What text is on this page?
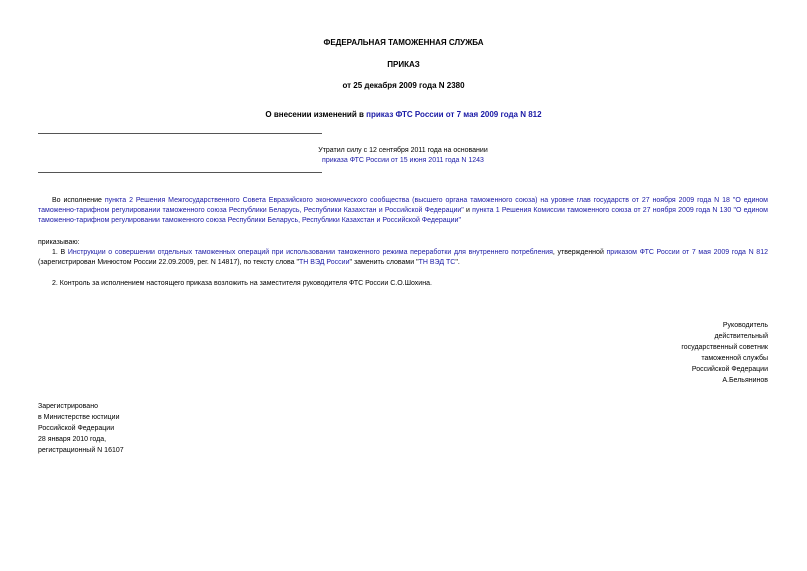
ФЕДЕРАЛЬНАЯ ТАМОЖЕННАЯ СЛУЖБА
ПРИКАЗ
от 25 декабря 2009 года N 2380
О внесении изменений в приказ ФТС России от 7 мая 2009 года N 812
Утратил силу с 12 сентября 2011 года на основании
приказа ФТС России от 15 июня 2011 года N 1243
Во исполнение пункта 2 Решения Межгосударственного Совета Евразийского экономического сообщества (высшего органа таможенного союза) на уровне глав государств от 27 ноября 2009 года N 18 "О едином таможенно-тарифном регулировании таможенного союза Республики Беларусь, Республики Казахстан и Российской Федерации" и пункта 1 Решения Комиссии таможенного союза от 27 ноября 2009 года N 130 "О едином таможенно-тарифном регулировании таможенного союза Республики Беларусь, Республики Казахстан и Российской Федерации"
приказываю:
1. В Инструкции о совершении отдельных таможенных операций при использовании таможенного режима переработки для внутреннего потребления, утвержденной приказом ФТС России от 7 мая 2009 года N 812 (зарегистрирован Минюстом России 22.09.2009, рег. N 14817), по тексту слова "ТН ВЭД России" заменить словами "ТН ВЭД ТС".
2. Контроль за исполнением настоящего приказа возложить на заместителя руководителя ФТС России С.О.Шохина.
Руководитель
действительный
государственный советник
таможенной службы
Российской Федерации
А.Бельянинов
Зарегистрировано
в Министерстве юстиции
Российской Федерации
28 января 2010 года,
регистрационный N 16107
